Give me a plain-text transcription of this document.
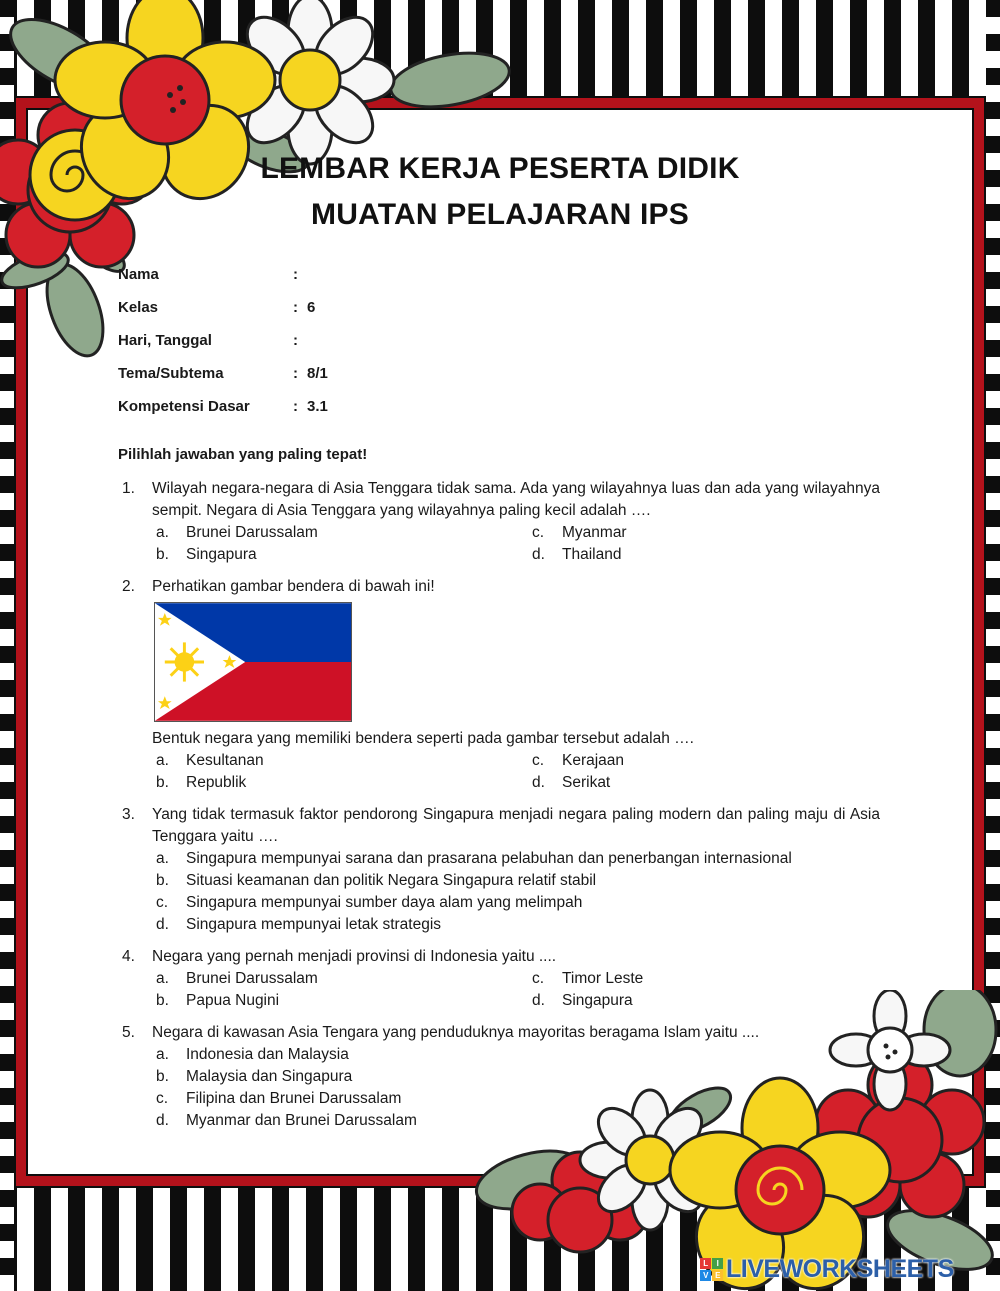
LEMBAR KERJA PESERTA DIDIK
MUATAN PELAJARAN IPS
Nama	:
Kelas	: 6
Hari, Tanggal	:
Tema/Subtema	: 8/1
Kompetensi Dasar	: 3.1
Pilihlah jawaban yang paling tepat!
1.	Wilayah negara-negara di Asia Tenggara tidak sama. Ada yang wilayahnya luas dan ada yang wilayahnya sempit. Negara di Asia Tenggara yang wilayahnya paling kecil adalah ….
a.	Brunei Darussalam	c.	Myanmar
b.	Singapura	d.	Thailand
2.	Perhatikan gambar bendera di bawah ini!
Bentuk negara yang memiliki bendera seperti pada gambar tersebut adalah ….
a.	Kesultanan	c.	Kerajaan
b.	Republik	d.	Serikat
3.	Yang tidak termasuk faktor pendorong Singapura menjadi negara paling modern dan paling maju di Asia Tenggara yaitu ….
a.	Singapura mempunyai sarana dan prasarana pelabuhan dan penerbangan internasional
b.	Situasi keamanan dan politik Negara Singapura relatif stabil
c.	Singapura mempunyai sumber daya alam yang melimpah
d.	Singapura mempunyai letak strategis
4.	Negara yang pernah menjadi provinsi di Indonesia yaitu ....
a.	Brunei Darussalam	c.	Timor Leste
b.	Papua Nugini	d.	Singapura
5.	Negara di kawasan Asia Tengara yang penduduknya mayoritas beragama Islam yaitu ....
a.	Indonesia dan Malaysia
b.	Malaysia dan Singapura
c.	Filipina dan Brunei Darussalam
d.	Myanmar dan Brunei Darussalam
L	I
V E LIVEWORKSHEETS
